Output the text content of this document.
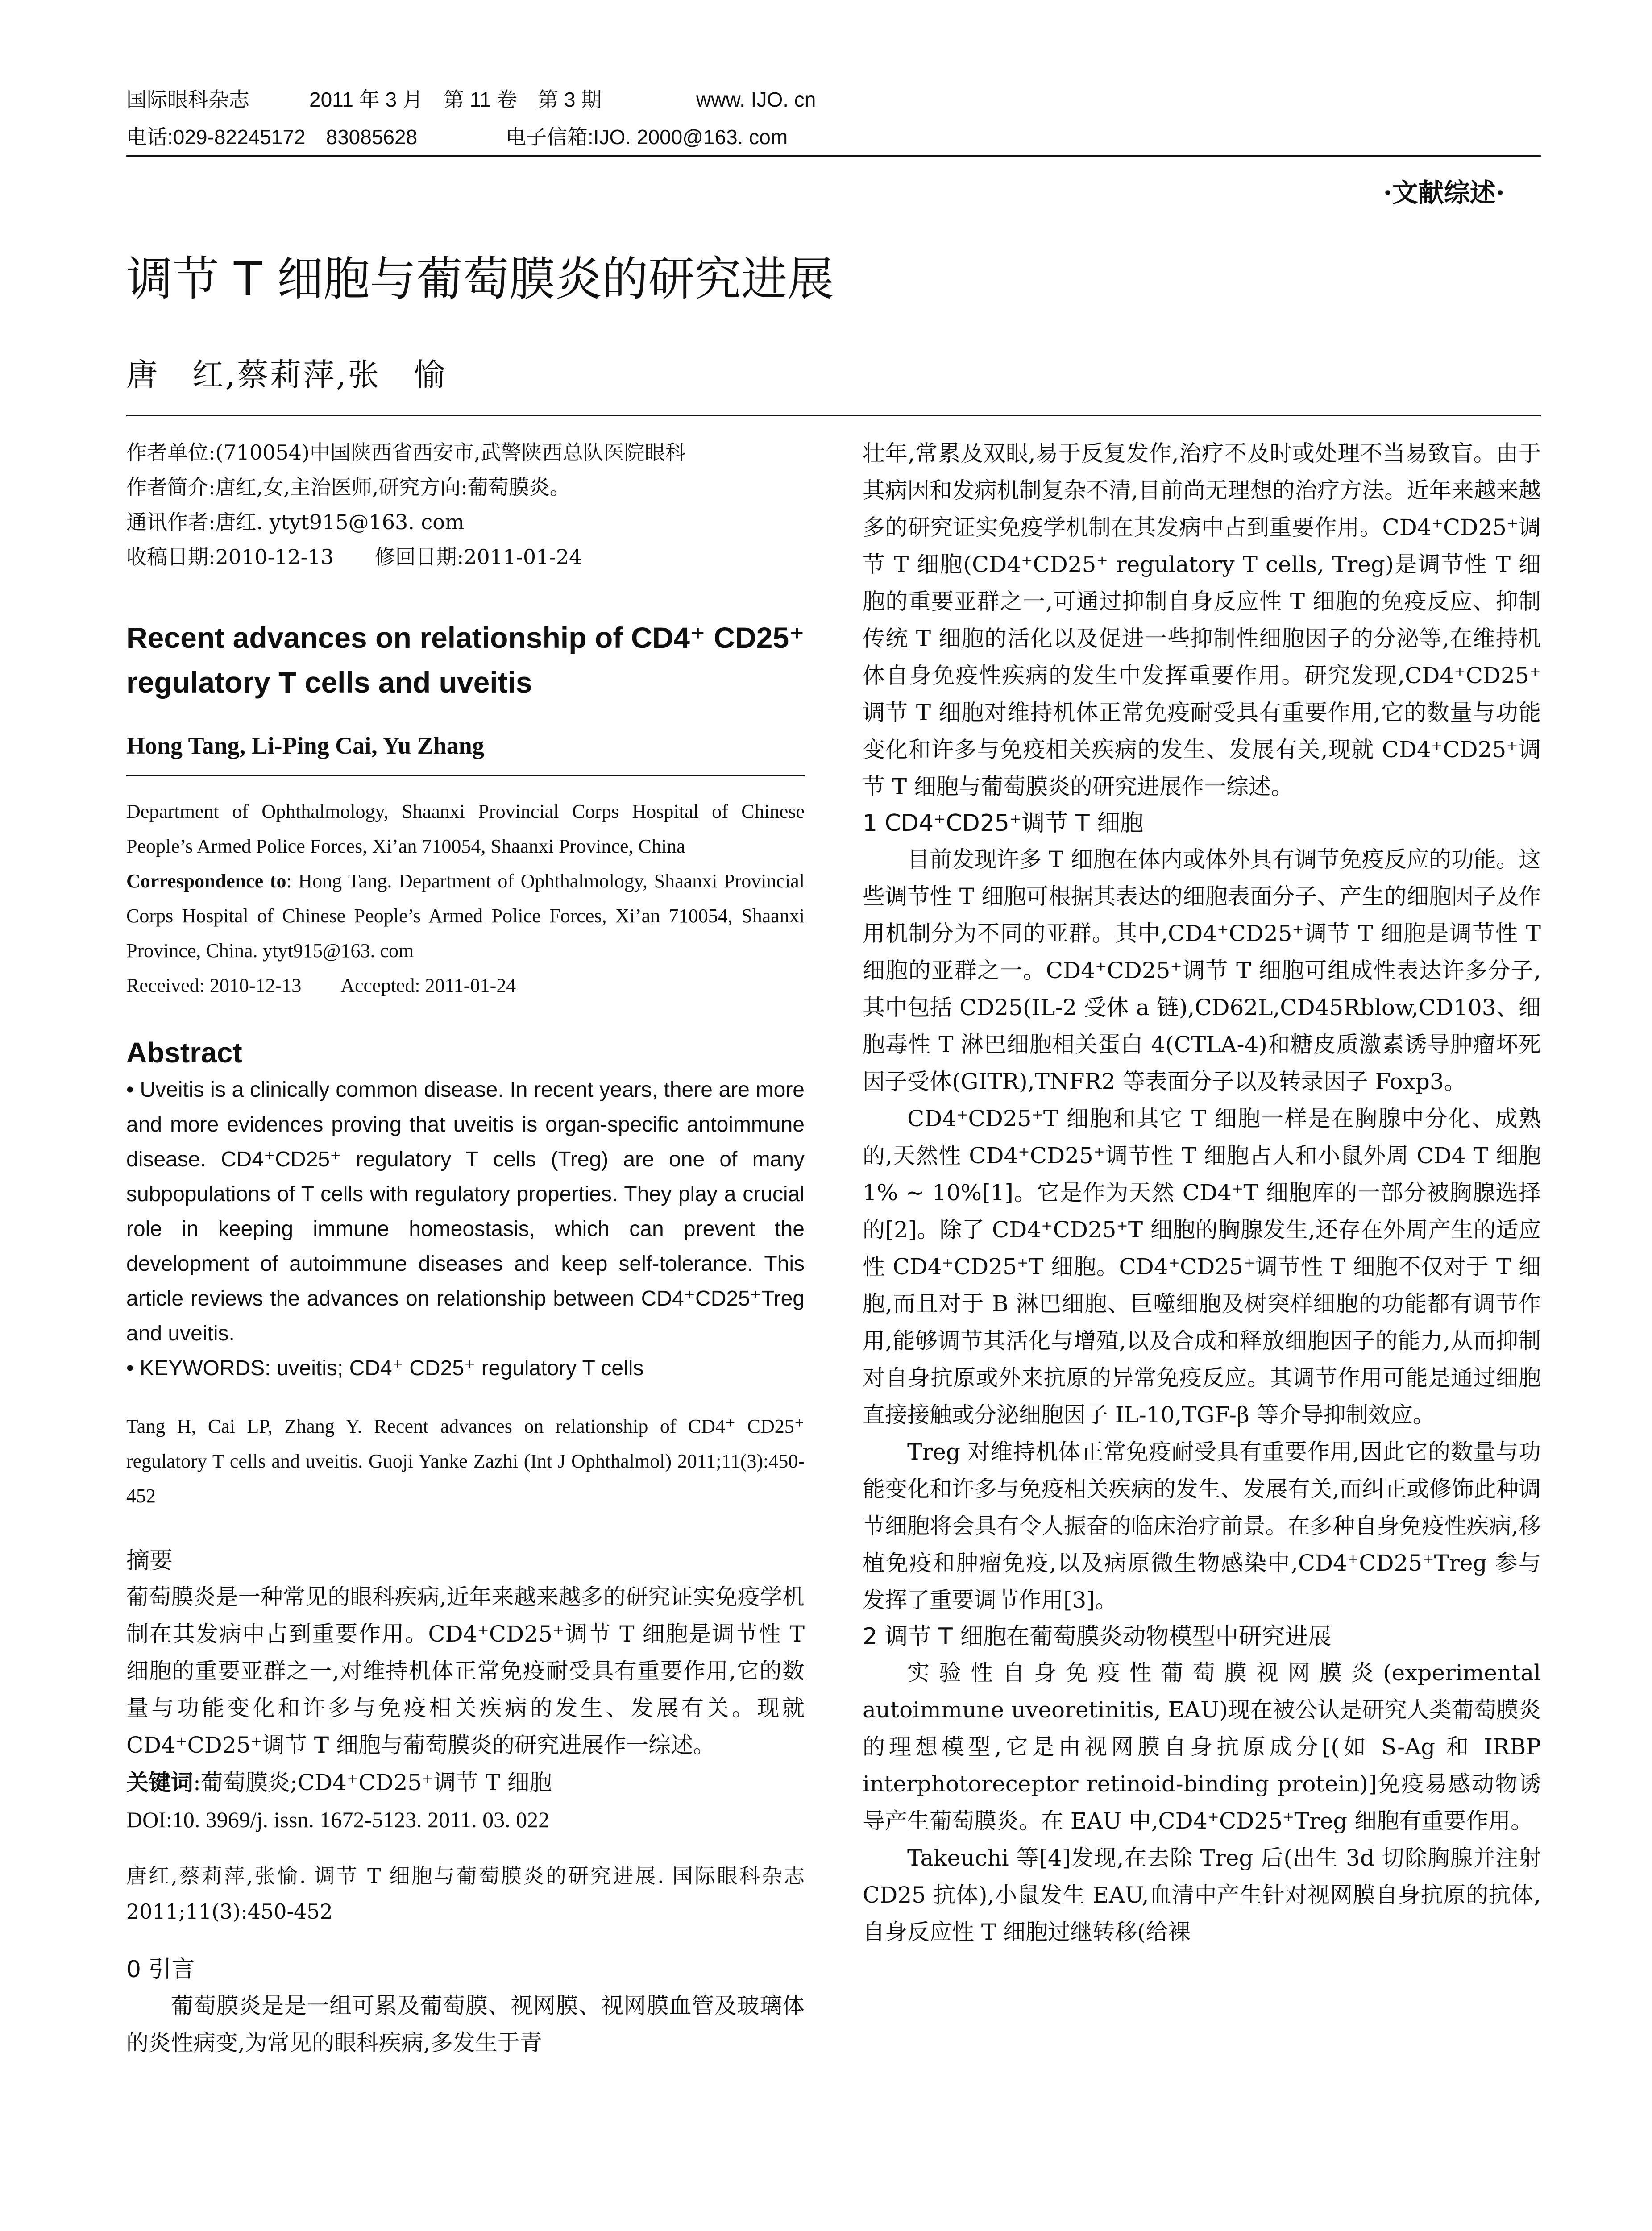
国际眼科杂志	2011 年 3 月　第 11 卷　第 3 期	www. IJO. cn
电话:029-82245172　83085628	电子信箱:IJO. 2000@163. com
·文献综述·
调节 T 细胞与葡萄膜炎的研究进展
唐　红,蔡莉萍,张　愉
作者单位:(710054)中国陕西省西安市,武警陕西总队医院眼科
作者简介:唐红,女,主治医师,研究方向:葡萄膜炎。
通讯作者:唐红. ytyt915@163. com
收稿日期:2010-12-13　　修回日期:2011-01-24
Recent advances on relationship of CD4⁺ CD25⁺ regulatory T cells and uveitis
Hong Tang, Li-Ping Cai, Yu Zhang
Department of Ophthalmology, Shaanxi Provincial Corps Hospital of Chinese People’s Armed Police Forces, Xi’an 710054, Shaanxi Province, China
Correspondence to: Hong Tang. Department of Ophthalmology, Shaanxi Provincial Corps Hospital of Chinese People’s Armed Police Forces, Xi’an 710054, Shaanxi Province, China. ytyt915@163. com
Received: 2010-12-13　　Accepted: 2011-01-24
Abstract
• Uveitis is a clinically common disease. In recent years, there are more and more evidences proving that uveitis is organ-specific antoimmune disease. CD4⁺CD25⁺ regulatory T cells (Treg) are one of many subpopulations of T cells with regulatory properties. They play a crucial role in keeping immune homeostasis, which can prevent the development of autoimmune diseases and keep self-tolerance. This article reviews the advances on relationship between CD4⁺CD25⁺Treg and uveitis.
• KEYWORDS: uveitis; CD4⁺ CD25⁺ regulatory T cells
Tang H, Cai LP, Zhang Y. Recent advances on relationship of CD4⁺ CD25⁺ regulatory T cells and uveitis. Guoji Yanke Zazhi (Int J Ophthalmol) 2011;11(3):450-452
摘要
葡萄膜炎是一种常见的眼科疾病,近年来越来越多的研究证实免疫学机制在其发病中占到重要作用。CD4⁺CD25⁺调节 T 细胞是调节性 T 细胞的重要亚群之一,对维持机体正常免疫耐受具有重要作用,它的数量与功能变化和许多与免疫相关疾病的发生、发展有关。现就 CD4⁺CD25⁺调节 T 细胞与葡萄膜炎的研究进展作一综述。
关键词:葡萄膜炎;CD4⁺CD25⁺调节 T 细胞
DOI:10. 3969/j. issn. 1672-5123. 2011. 03. 022
唐红,蔡莉萍,张愉. 调节 T 细胞与葡萄膜炎的研究进展. 国际眼科杂志 2011;11(3):450-452
0 引言
葡萄膜炎是是一组可累及葡萄膜、视网膜、视网膜血管及玻璃体的炎性病变,为常见的眼科疾病,多发生于青
壮年,常累及双眼,易于反复发作,治疗不及时或处理不当易致盲。由于其病因和发病机制复杂不清,目前尚无理想的治疗方法。近年来越来越多的研究证实免疫学机制在其发病中占到重要作用。CD4⁺CD25⁺调节 T 细胞(CD4⁺CD25⁺ regulatory T cells, Treg)是调节性 T 细胞的重要亚群之一,可通过抑制自身反应性 T 细胞的免疫反应、抑制传统 T 细胞的活化以及促进一些抑制性细胞因子的分泌等,在维持机体自身免疫性疾病的发生中发挥重要作用。研究发现,CD4⁺CD25⁺调节 T 细胞对维持机体正常免疫耐受具有重要作用,它的数量与功能变化和许多与免疫相关疾病的发生、发展有关,现就 CD4⁺CD25⁺调节 T 细胞与葡萄膜炎的研究进展作一综述。
1 CD4⁺CD25⁺调节 T 细胞
目前发现许多 T 细胞在体内或体外具有调节免疫反应的功能。这些调节性 T 细胞可根据其表达的细胞表面分子、产生的细胞因子及作用机制分为不同的亚群。其中,CD4⁺CD25⁺调节 T 细胞是调节性 T 细胞的亚群之一。CD4⁺CD25⁺调节 T 细胞可组成性表达许多分子,其中包括 CD25(IL-2 受体 a 链),CD62L,CD45Rblow,CD103、细胞毒性 T 淋巴细胞相关蛋白 4(CTLA-4)和糖皮质激素诱导肿瘤坏死因子受体(GITR),TNFR2 等表面分子以及转录因子 Foxp3。
CD4⁺CD25⁺T 细胞和其它 T 细胞一样是在胸腺中分化、成熟的,天然性 CD4⁺CD25⁺调节性 T 细胞占人和小鼠外周 CD4 T 细胞 1% ~ 10%[1]。它是作为天然 CD4⁺T 细胞库的一部分被胸腺选择的[2]。除了 CD4⁺CD25⁺T 细胞的胸腺发生,还存在外周产生的适应性 CD4⁺CD25⁺T 细胞。CD4⁺CD25⁺调节性 T 细胞不仅对于 T 细胞,而且对于 B 淋巴细胞、巨噬细胞及树突样细胞的功能都有调节作用,能够调节其活化与增殖,以及合成和释放细胞因子的能力,从而抑制对自身抗原或外来抗原的异常免疫反应。其调节作用可能是通过细胞直接接触或分泌细胞因子 IL-10,TGF-β 等介导抑制效应。
Treg 对维持机体正常免疫耐受具有重要作用,因此它的数量与功能变化和许多与免疫相关疾病的发生、发展有关,而纠正或修饰此种调节细胞将会具有令人振奋的临床治疗前景。在多种自身免疫性疾病,移植免疫和肿瘤免疫,以及病原微生物感染中,CD4⁺CD25⁺Treg 参与发挥了重要调节作用[3]。
2 调节 T 细胞在葡萄膜炎动物模型中研究进展
实验性自身免疫性葡萄膜视网膜炎(experimental autoimmune uveoretinitis, EAU)现在被公认是研究人类葡萄膜炎的理想模型,它是由视网膜自身抗原成分[(如 S-Ag 和 IRBP interphotoreceptor retinoid-binding protein)]免疫易感动物诱导产生葡萄膜炎。在 EAU 中,CD4⁺CD25⁺Treg 细胞有重要作用。
Takeuchi 等[4]发现,在去除 Treg 后(出生 3d 切除胸腺并注射 CD25 抗体),小鼠发生 EAU,血清中产生针对视网膜自身抗原的抗体,自身反应性 T 细胞过继转移(给裸
